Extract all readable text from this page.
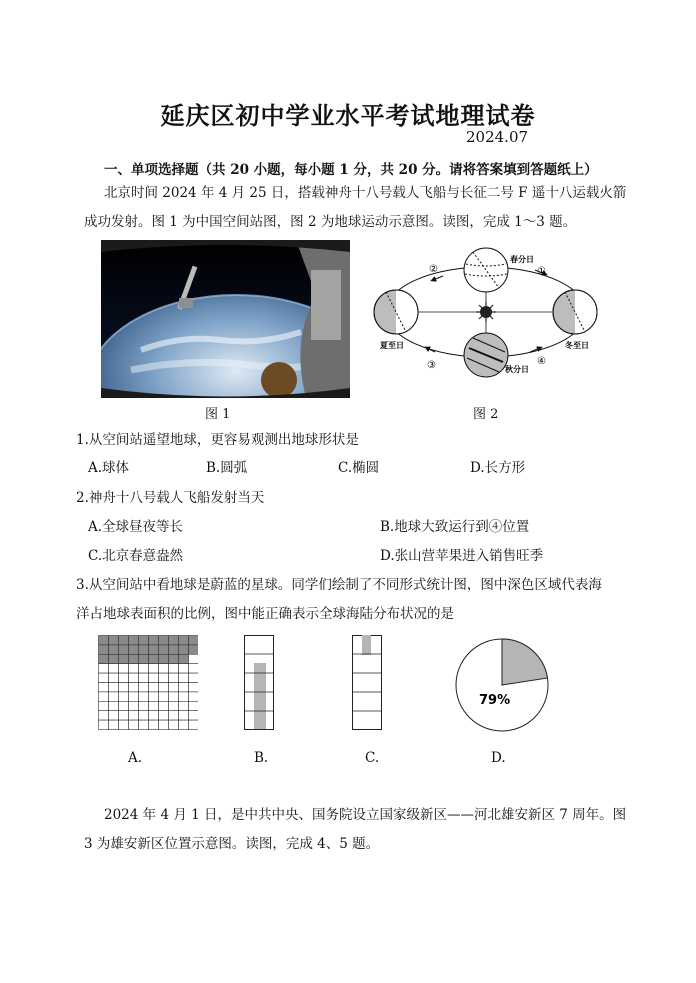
延庆区初中学业水平考试地理试卷
2024.07
一、单项选择题（共 20 小题，每小题 1 分，共 20 分。请将答案填到答题纸上）
北京时间 2024 年 4 月 25 日，搭载神舟十八号载人飞船与长征二号 F 遥十八运载火箭
成功发射。图 1 为中国空间站图，图 2 为地球运动示意图。读图，完成 1～3 题。
图 1
春分日
夏至日	冬至日
秋分日
①
②
③	④
图 2
1.从空间站遥望地球，更容易观测出地球形状是
A.球体	B.圆弧	C.椭圆	D.长方形
2.神舟十八号载人飞船发射当天
A.全球昼夜等长	B.地球大致运行到④位置
C.北京春意盎然	D.张山营苹果进入销售旺季
3.从空间站中看地球是蔚蓝的星球。同学们绘制了不同形式统计图，图中深色区域代表海
洋占地球表面积的比例，图中能正确表示全球海陆分布状况的是
79%
A.	B.	C.	D.
2024 年 4 月 1 日，是中共中央、国务院设立国家级新区——河北雄安新区 7 周年。图
3 为雄安新区位置示意图。读图，完成 4、5 题。
